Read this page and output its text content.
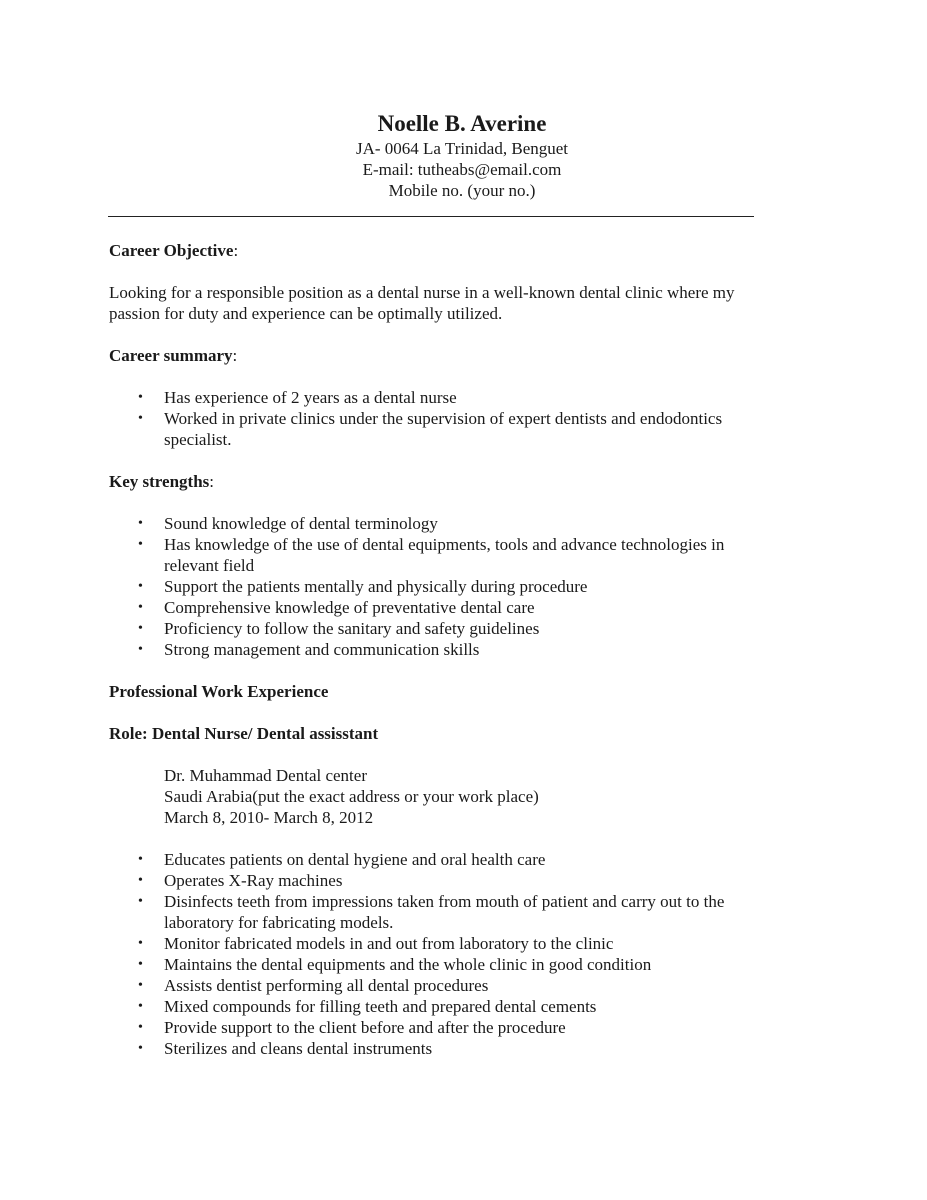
Noelle B. Averine
JA- 0064 La Trinidad, Benguet
E-mail: tutheabs@email.com
Mobile no. (your no.)
Career Objective:

Looking for a responsible position as a dental nurse in a well-known dental clinic where my

passion for duty and experience can be optimally utilized.

Career summary:
• Has experience of 2 years as a dental nurse
• Worked in private clinics under the supervision of expert dentists and endodontics
specialist.
Key strengths:
• Sound knowledge of dental terminology
• Has knowledge of the use of dental equipments, tools and advance technologies in
relevant field
• Support the patients mentally and physically during procedure
• Comprehensive knowledge of preventative dental care
• Proficiency to follow the sanitary and safety guidelines
• Strong management and communication skills
Professional Work Experience
Role: Dental Nurse/ Dental assisstant
Dr. Muhammad Dental center
Saudi Arabia(put the exact address or your work place)
March 8, 2010- March 8, 2012
• Educates patients on dental hygiene and oral health care
• Operates X-Ray machines
• Disinfects teeth from impressions taken from mouth of patient and carry out to the
laboratory for fabricating models.
• Monitor fabricated models in and out from laboratory to the clinic
• Maintains the dental equipments and the whole clinic in good condition
• Assists dentist performing all dental procedures
• Mixed compounds for filling teeth and prepared dental cements
• Provide support to the client before and after the procedure
• Sterilizes and cleans dental instruments
